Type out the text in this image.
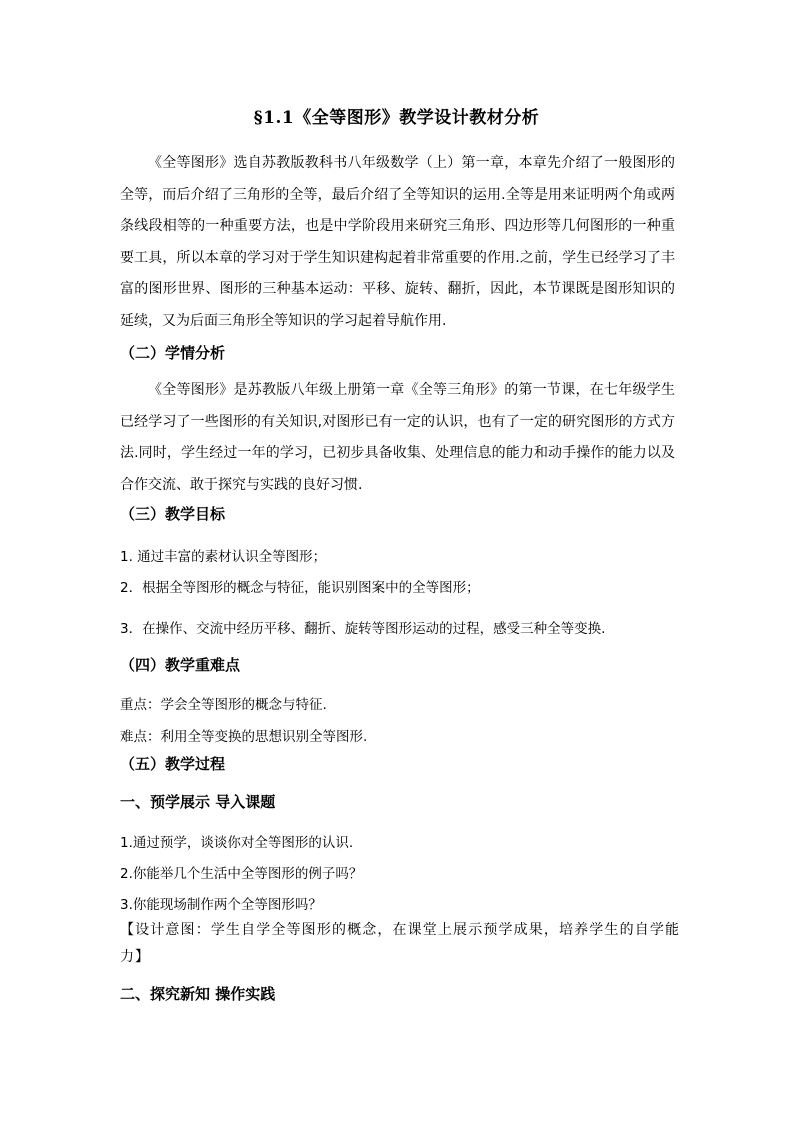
§1.1《全等图形》教学设计教材分析
《全等图形》选自苏教版教科书八年级数学（上）第一章，本章先介绍了一般图形的全等，而后介绍了三角形的全等，最后介绍了全等知识的运用.全等是用来证明两个角或两条线段相等的一种重要方法，也是中学阶段用来研究三角形、四边形等几何图形的一种重要工具，所以本章的学习对于学生知识建构起着非常重要的作用.之前，学生已经学习了丰富的图形世界、图形的三种基本运动：平移、旋转、翻折，因此，本节课既是图形知识的延续，又为后面三角形全等知识的学习起着导航作用.
（二）学情分析
《全等图形》是苏教版八年级上册第一章《全等三角形》的第一节课，在七年级学生已经学习了一些图形的有关知识,对图形已有一定的认识，也有了一定的研究图形的方式方法.同时，学生经过一年的学习，已初步具备收集、处理信息的能力和动手操作的能力以及合作交流、敢于探究与实践的良好习惯.
（三）教学目标
1. 通过丰富的素材认识全等图形；
2．根据全等图形的概念与特征，能识别图案中的全等图形；
3．在操作、交流中经历平移、翻折、旋转等图形运动的过程，感受三种全等变换.
（四）教学重难点
重点：学会全等图形的概念与特征.
难点：利用全等变换的思想识别全等图形.
（五）教学过程
一、预学展示 导入课题
1.通过预学，谈谈你对全等图形的认识.
2.你能举几个生活中全等图形的例子吗？
3.你能现场制作两个全等图形吗？
【设计意图：学生自学全等图形的概念，在课堂上展示预学成果，培养学生的自学能力】
二、探究新知 操作实践
